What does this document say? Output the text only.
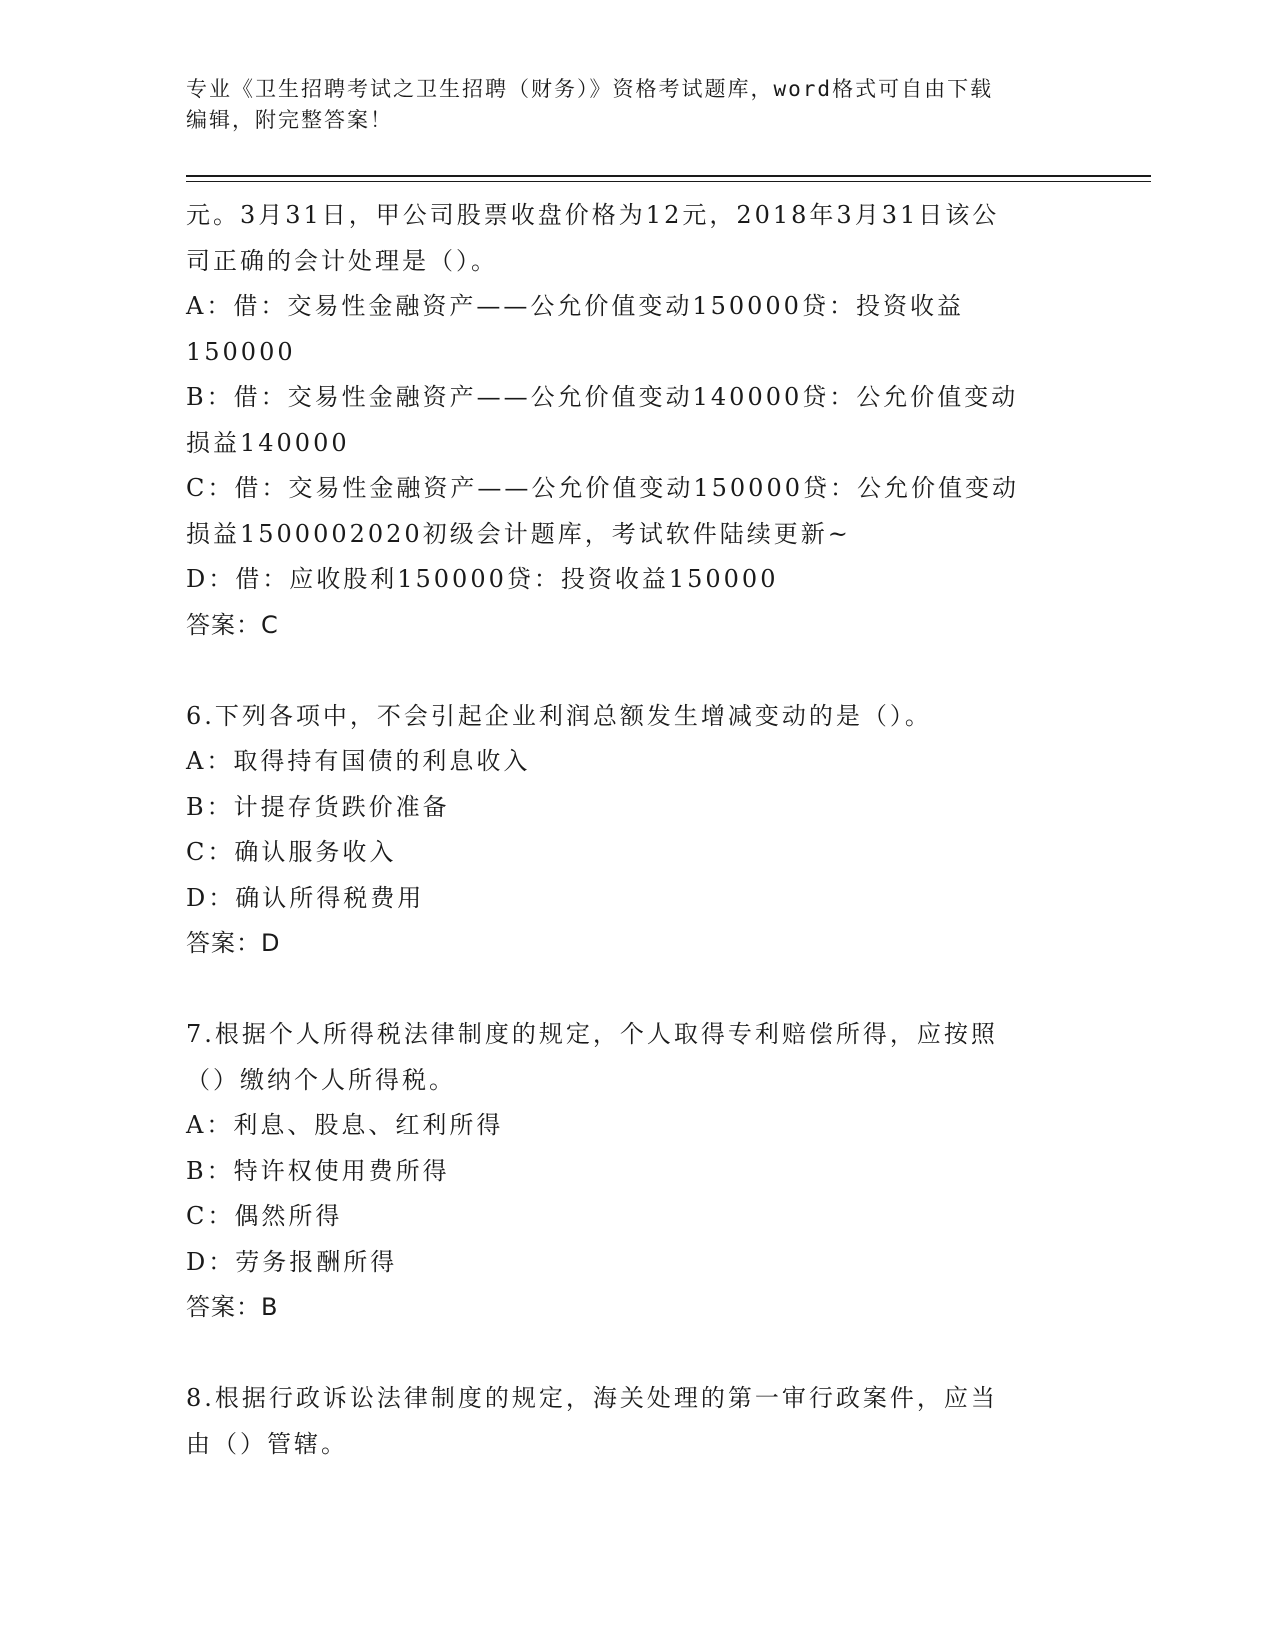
专业《卫生招聘考试之卫生招聘（财务）》资格考试题库，word格式可自由下载
编辑，附完整答案！
元。3月31日，甲公司股票收盘价格为12元，2018年3月31日该公
司正确的会计处理是（）。
A：借：交易性金融资产——公允价值变动150000贷：投资收益
150000
B：借：交易性金融资产——公允价值变动140000贷：公允价值变动
损益140000
C：借：交易性金融资产——公允价值变动150000贷：公允价值变动
损益1500002020初级会计题库，考试软件陆续更新~
D：借：应收股利150000贷：投资收益150000
答案：C
6.下列各项中，不会引起企业利润总额发生增减变动的是（）。
A：取得持有国债的利息收入
B：计提存货跌价准备
C：确认服务收入
D：确认所得税费用
答案：D
7.根据个人所得税法律制度的规定，个人取得专利赔偿所得，应按照
（）缴纳个人所得税。
A：利息、股息、红利所得
B：特许权使用费所得
C：偶然所得
D：劳务报酬所得
答案：B
8.根据行政诉讼法律制度的规定，海关处理的第一审行政案件，应当
由（）管辖。
